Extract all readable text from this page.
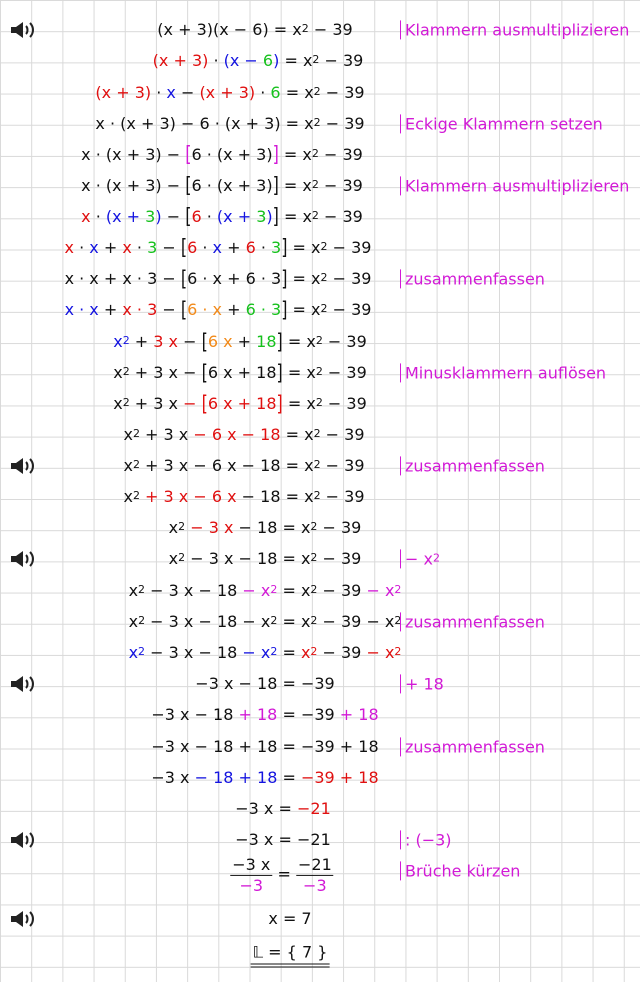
$(x + 3)(x - 6) = x^2 - 39$	Klammern ausmultiplizieren
$(x + 3) \cdot (x - 6) = x^2 - 39$
$(x + 3) \cdot x - (x + 3) \cdot 6 = x^2 - 39$
$x \cdot (x + 3) - 6 \cdot (x + 3) = x^2 - 39$	Eckige Klammern setzen
$x \cdot (x + 3) - [6 \cdot (x + 3)] = x^2 - 39$
$x \cdot (x + 3) - [6 \cdot (x + 3)] = x^2 - 39$	Klammern ausmultiplizieren
$x \cdot (x + 3) - [6 \cdot (x + 3)] = x^2 - 39$
$x \cdot x + x \cdot 3 - [6 \cdot x + 6 \cdot 3] = x^2 - 39$
$x \cdot x + x \cdot 3 - [6 \cdot x + 6 \cdot 3] = x^2 - 39$	zusammenfassen
$x \cdot x + x \cdot 3 - [6 \cdot x + 6 \cdot 3] = x^2 - 39$
$x^2 + 3$ x − [6 $x + 18] = x^2 - 39$
$x^2 + 3$ x − [6 $x + 18] = x^2 - 39$	Minusklammern auflösen
$x^2 + 3$ x − [6 $x + 18] = x^2 - 39$
$x^2 + 3$ x − 6 $x - 18 = x^2 - 39$
$x^2 + 3$ x − 6 $x - 18 = x^2 - 39$	zusammenfassen
$x^2 + 3$ x − 6 $x - 18 = x^2 - 39$
$x^2 - 3$ $x - 18 = x^2 - 39$
$x^2 - 3$ $x - 18 = x^2 - 39$	− $x^2$
$x^2 - 3$ $x - 18 - x^2 = x^2 - 39 - x^2$
$x^2 - 3$ $x - 18 - x^2 = x^2 - 39 - x^2$ zusammenfassen
$x^2 - 3$ $x - 18 - x^2 = x^2 - 39 - x^2$
−3 x − 18 = −39	+ 18
−3 x − 18 + 18 = −39 + 18
−3 x − 18 + 18 = −39 + 18	zusammenfassen
−3 x − 18 + 18 = −39 + 18
−3 x = −21
−3 x = −21	: (−3)
$\frac{-3 x}{-3} = \frac{-21}{-3}$	Brüche kürzen
x = 7
𝕃 = { 7 }
